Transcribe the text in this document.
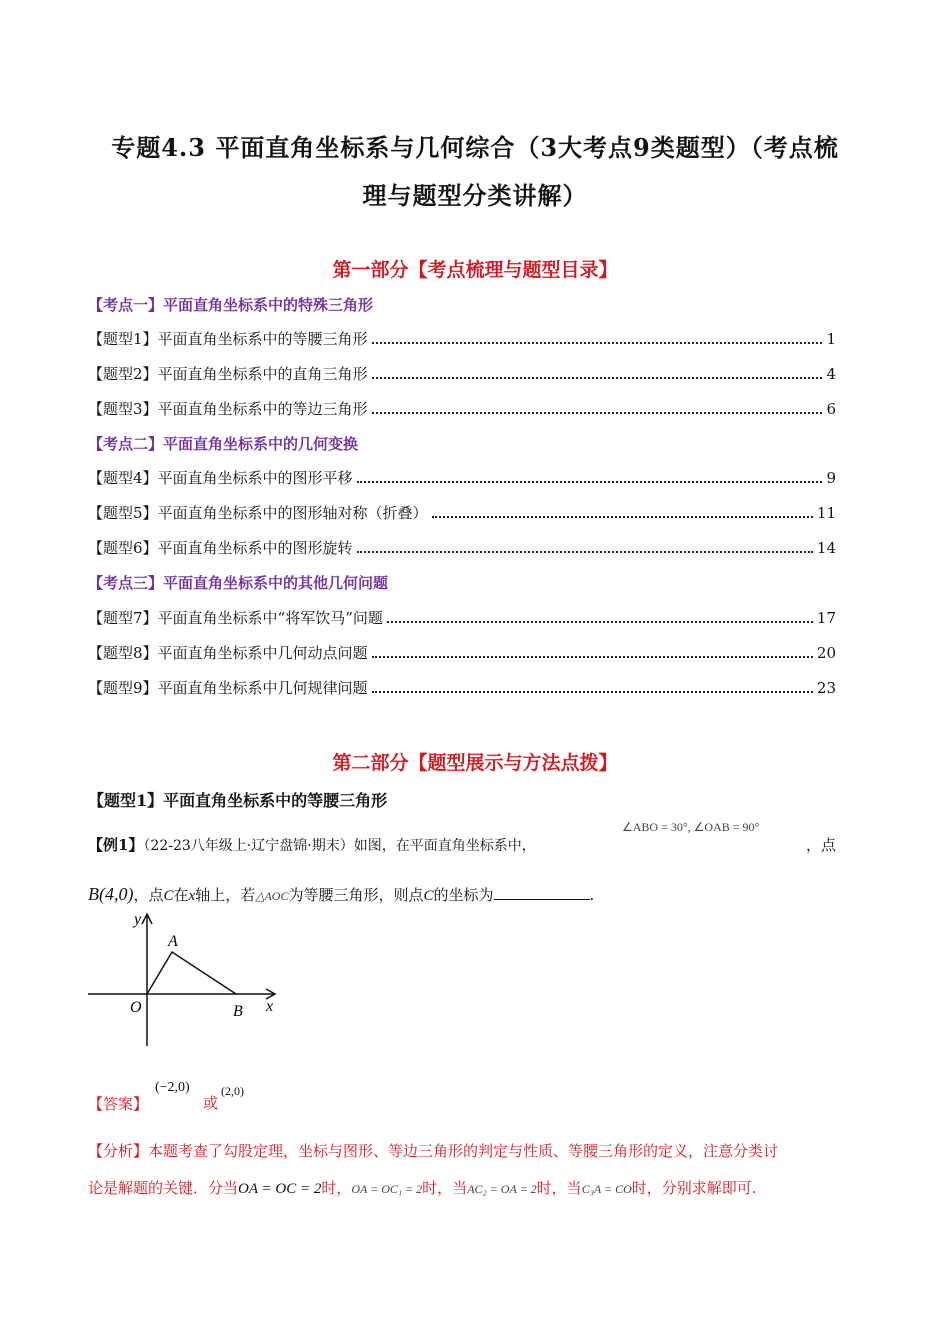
专题4.3 平面直角坐标系与几何综合（3大考点9类题型）（考点梳
理与题型分类讲解）
第一部分【考点梳理与题型目录】
【考点一】平面直角坐标系中的特殊三角形
【题型1】平面直角坐标系中的等腰三角形	1
【题型2】平面直角坐标系中的直角三角形	4
【题型3】平面直角坐标系中的等边三角形	6
【考点二】平面直角坐标系中的几何变换
【题型4】平面直角坐标系中的图形平移	9
【题型5】平面直角坐标系中的图形轴对称（折叠）	11
【题型6】平面直角坐标系中的图形旋转	14
【考点三】平面直角坐标系中的其他几何问题
【题型7】平面直角坐标系中“将军饮马”问题	17
【题型8】平面直角坐标系中几何动点问题	20
【题型9】平面直角坐标系中几何规律问题	23
第二部分【题型展示与方法点拨】
【题型1】平面直角坐标系中的等腰三角形
【例1】（22-23八年级上·辽宁盘锦·期末）如图，在平面直角坐标系中，
∠ABO = 30°, ∠OAB = 90°
，点
B(4,0)，点C在x轴上，若△AOC为等腰三角形，则点C的坐标为	.
y
x
A
O	B
【答案】
(−2,0)
或
(2,0)
【分析】本题考查了勾股定理，坐标与图形、等边三角形的判定与性质、等腰三角形的定义，注意分类讨
论是解题的关键．分当OA = OC = 2时，OA = OC₁ = 2时，当AC₂ = OA = 2时，当C₃A = CO时，分别求解即可.
